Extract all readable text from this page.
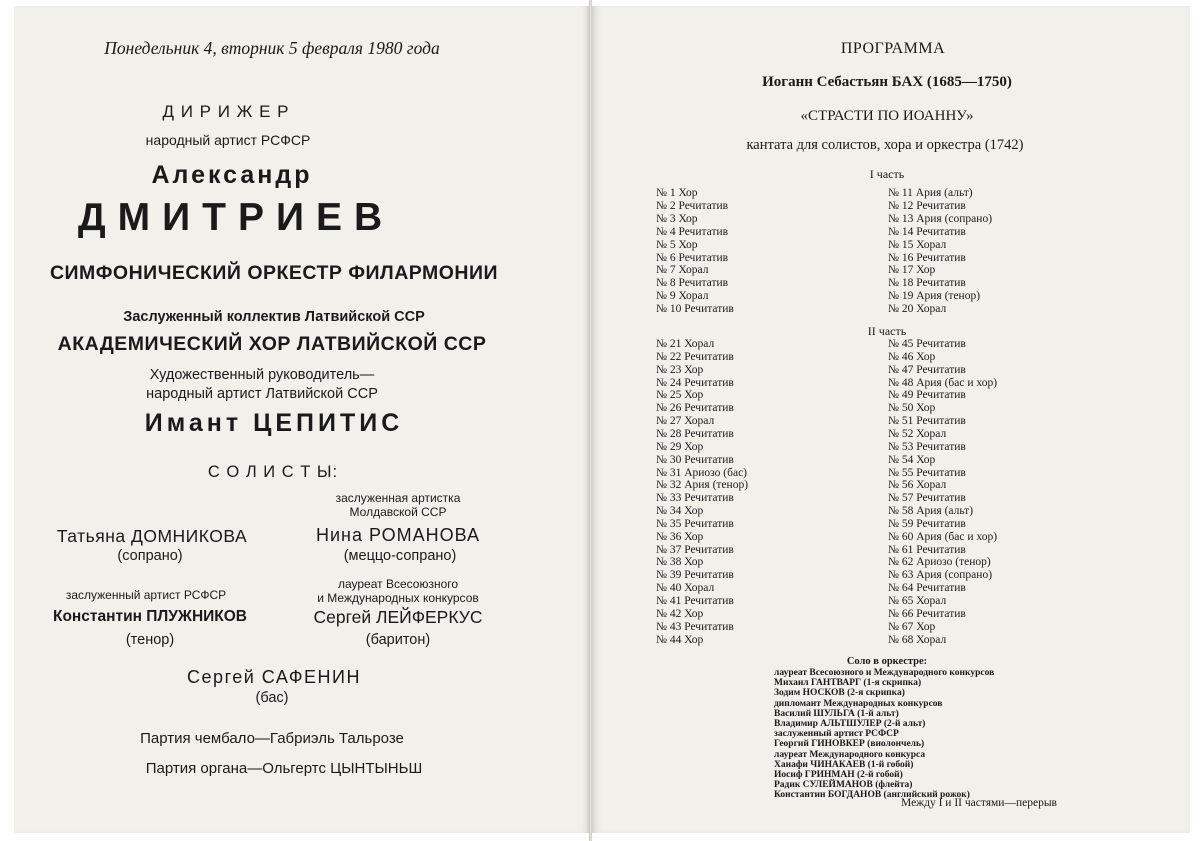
Понедельник 4, вторник 5 февраля 1980 года
Д И Р И Ж Е Р
народный артист РСФСР
Александр
ДМИТРИЕВ
СИМФОНИЧЕСКИЙ ОРКЕСТР ФИЛАРМОНИИ
Заслуженный коллектив Латвийской ССР
АКАДЕМИЧЕСКИЙ ХОР ЛАТВИЙСКОЙ ССР
Художественный руководитель—
народный артист Латвийской ССР
Имант ЦЕПИТИС
С О Л И С Т Ы:
Татьяна ДОМНИКОВА
(сопрано)
заслуженная артистка
Молдавской ССР
Нина РОМАНОВА
(меццо-сопрано)
заслуженный артист РСФСР
Константин ПЛУЖНИКОВ
(тенор)
лауреат Всесоюзного
и Международных конкурсов
Сергей ЛЕЙФЕРКУС
(баритон)
Сергей САФЕНИН
(бас)
Партия чембало—Габриэль Тальрозе
Партия органа—Ольгертс ЦЫНТЫНЬШ
ПРОГРАММА
Иоганн Себастьян БАХ (1685—1750)
«СТРАСТИ ПО ИОАННУ»
кантата для солистов, хора и оркестра (1742)
I часть
II часть
№ 1 Хор
№ 2 Речитатив
№ 3 Хор
№ 4 Речитатив
№ 5 Хор
№ 6 Речитатив
№ 7 Хорал
№ 8 Речитатив
№ 9 Хорал
№ 10 Речитатив
№ 11 Ария (альт)
№ 12 Речитатив
№ 13 Ария (сопрано)
№ 14 Речитатив
№ 15 Хорал
№ 16 Речитатив
№ 17 Хор
№ 18 Речитатив
№ 19 Ария (тенор)
№ 20 Хорал
№ 21 Хорал
№ 22 Речитатив
№ 23 Хор
№ 24 Речитатив
№ 25 Хор
№ 26 Речитатив
№ 27 Хорал
№ 28 Речитатив
№ 29 Хор
№ 30 Речитатив
№ 31 Ариозо (бас)
№ 32 Ария (тенор)
№ 33 Речитатив
№ 34 Хор
№ 35 Речитатив
№ 36 Хор
№ 37 Речитатив
№ 38 Хор
№ 39 Речитатив
№ 40 Хорал
№ 41 Речитатив
№ 42 Хор
№ 43 Речитатив
№ 44 Хор
№ 45 Речитатив
№ 46 Хор
№ 47 Речитатив
№ 48 Ария (бас и хор)
№ 49 Речитатив
№ 50 Хор
№ 51 Речитатив
№ 52 Хорал
№ 53 Речитатив
№ 54 Хор
№ 55 Речитатив
№ 56 Хорал
№ 57 Речитатив
№ 58 Ария (альт)
№ 59 Речитатив
№ 60 Ария (бас и хор)
№ 61 Речитатив
№ 62 Ариозо (тенор)
№ 63 Ария (сопрано)
№ 64 Речитатив
№ 65 Хорал
№ 66 Речитатив
№ 67 Хор
№ 68 Хорал
Соло в оркестре:
лауреат Всесоюзного и Международного конкурсов
Михаил ГАНТВАРГ (1-я скрипка)
Зодим НОСКОВ (2-я скрипка)
дипломант Международных конкурсов
Василий ШУЛЬГА (1-й альт)
Владимир АЛЬТШУЛЕР (2-й альт)
заслуженный артист РСФСР
Георгий ГИНОВКЕР (виолончель)
лауреат Международного конкурса
Ханафи ЧИНАКАЕВ (1-й гобой)
Иосиф ГРИНМАН (2-й гобой)
Радик СУЛЕЙМАНОВ (флейта)
Константин БОГДАНОВ (английский рожок)
Между I и II частями—перерыв
